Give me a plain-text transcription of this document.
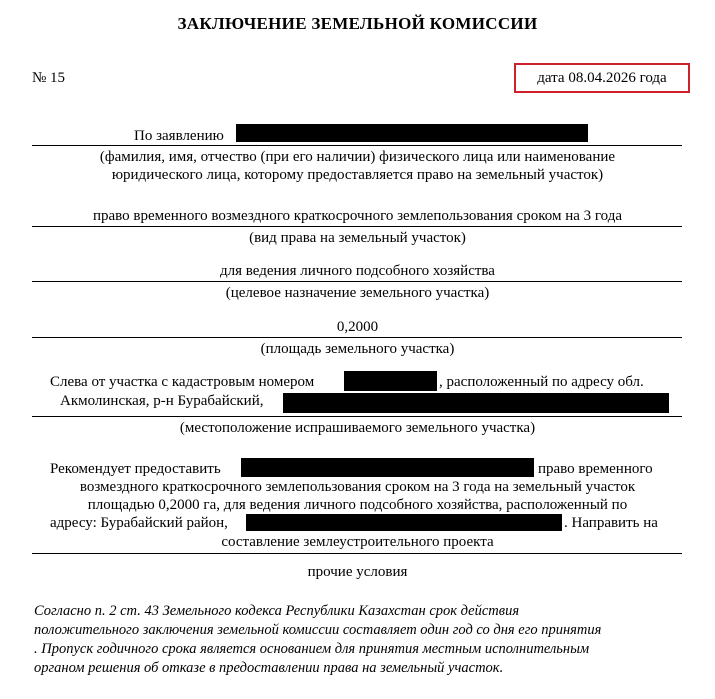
ЗАКЛЮЧЕНИЕ ЗЕМЕЛЬНОЙ КОМИССИИ
№ 15	дата 08.04.2026 года
По заявлению
(фамилия, имя, отчество (при его наличии) физического лица или наименование
юридического лица, которому предоставляется право на земельный участок)
право временного возмездного краткосрочного землепользования сроком на 3 года
(вид права на земельный участок)
для ведения личного подсобного хозяйства
(целевое назначение земельного участка)
0,2000
(площадь земельного участка)
Слева от участка с кадастровым номером	, расположенный по адресу обл.
Акмолинская, р-н Бурабайский,
(местоположение испрашиваемого земельного участка)
Рекомендует предоставить	право временного
возмездного краткосрочного землепользования сроком на 3 года на земельный участок
площадью 0,2000 га, для ведения личного подсобного хозяйства, расположенный по
адресу: Бурабайский район,	. Направить на
составление землеустроительного проекта
прочие условия
Согласно п. 2 ст. 43 Земельного кодекса Республики Казахстан срок действия
положительного заключения земельной комиссии составляет один год со дня его принятия
. Пропуск годичного срока является основанием для принятия местным исполнительным
органом решения об отказе в предоставлении права на земельный участок.
